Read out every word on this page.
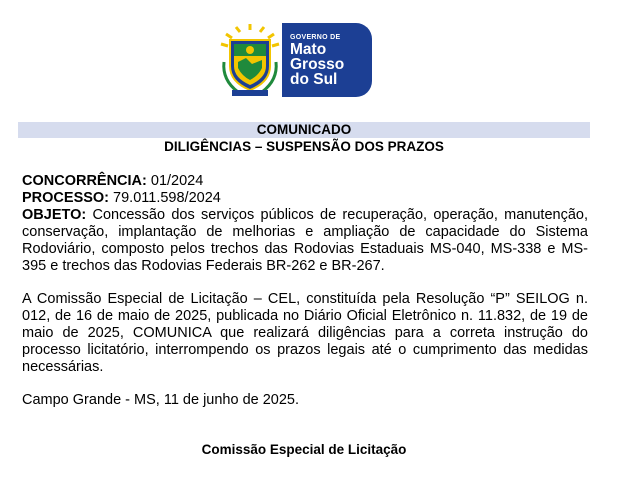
GOVERNO DE
Mato
Grosso
do Sul
COMUNICADO
DILIGÊNCIAS – SUSPENSÃO DOS PRAZOS
CONCORRÊNCIA: 01/2024
PROCESSO: 79.011.598/2024
OBJETO: Concessão dos serviços públicos de recuperação, operação, manutenção, conservação, implantação de melhorias e ampliação de capacidade do Sistema Rodoviário, composto pelos trechos das Rodovias Estaduais MS-040, MS-338 e MS-395 e trechos das Rodovias Federais BR-262 e BR-267.
A Comissão Especial de Licitação – CEL, constituída pela Resolução “P” SEILOG n. 012, de 16 de maio de 2025, publicada no Diário Oficial Eletrônico n. 11.832, de 19 de maio de 2025, COMUNICA que realizará diligências para a correta instrução do processo licitatório, interrompendo os prazos legais até o cumprimento das medidas necessárias.
Campo Grande - MS, 11 de junho de 2025.
Comissão Especial de Licitação
